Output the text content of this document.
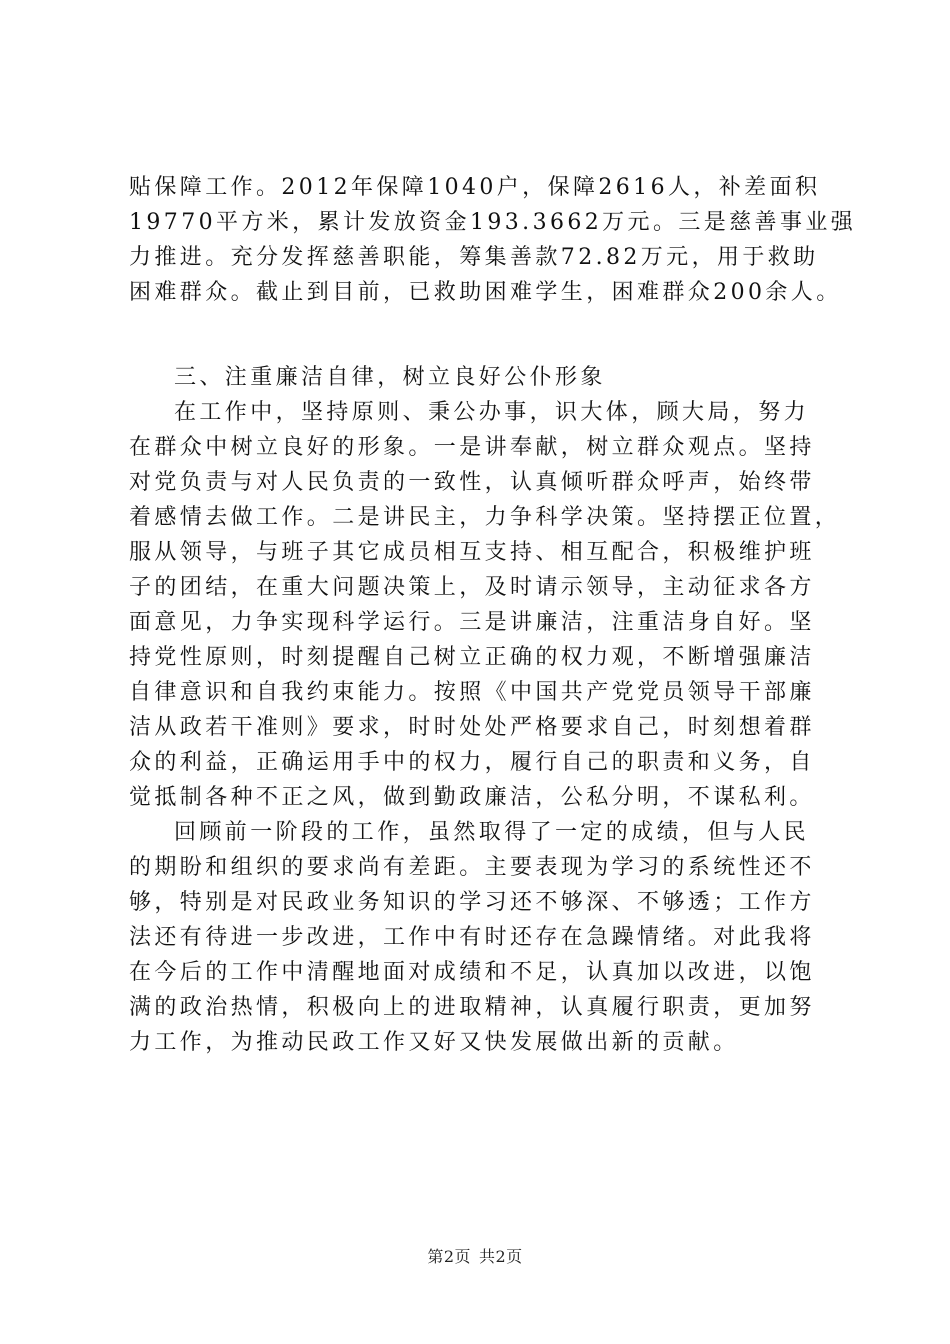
贴保障工作。2012年保障1040户，保障2616人，补差面积
19770平方米，累计发放资金193.3662万元。三是慈善事业强
力推进。充分发挥慈善职能，筹集善款72.82万元，用于救助
困难群众。截止到目前，已救助困难学生，困难群众200余人。
三、注重廉洁自律，树立良好公仆形象
在工作中，坚持原则、秉公办事，识大体，顾大局，努力
在群众中树立良好的形象。一是讲奉献，树立群众观点。坚持
对党负责与对人民负责的一致性，认真倾听群众呼声，始终带
着感情去做工作。二是讲民主，力争科学决策。坚持摆正位置，
服从领导，与班子其它成员相互支持、相互配合，积极维护班
子的团结，在重大问题决策上，及时请示领导，主动征求各方
面意见，力争实现科学运行。三是讲廉洁，注重洁身自好。坚
持党性原则，时刻提醒自己树立正确的权力观，不断增强廉洁
自律意识和自我约束能力。按照《中国共产党党员领导干部廉
洁从政若干准则》要求，时时处处严格要求自己，时刻想着群
众的利益，正确运用手中的权力，履行自己的职责和义务，自
觉抵制各种不正之风，做到勤政廉洁，公私分明，不谋私利。
回顾前一阶段的工作，虽然取得了一定的成绩，但与人民
的期盼和组织的要求尚有差距。主要表现为学习的系统性还不
够，特别是对民政业务知识的学习还不够深、不够透；工作方
法还有待进一步改进，工作中有时还存在急躁情绪。对此我将
在今后的工作中清醒地面对成绩和不足，认真加以改进，以饱
满的政治热情，积极向上的进取精神，认真履行职责，更加努
力工作，为推动民政工作又好又快发展做出新的贡献。
第2页 共2页
